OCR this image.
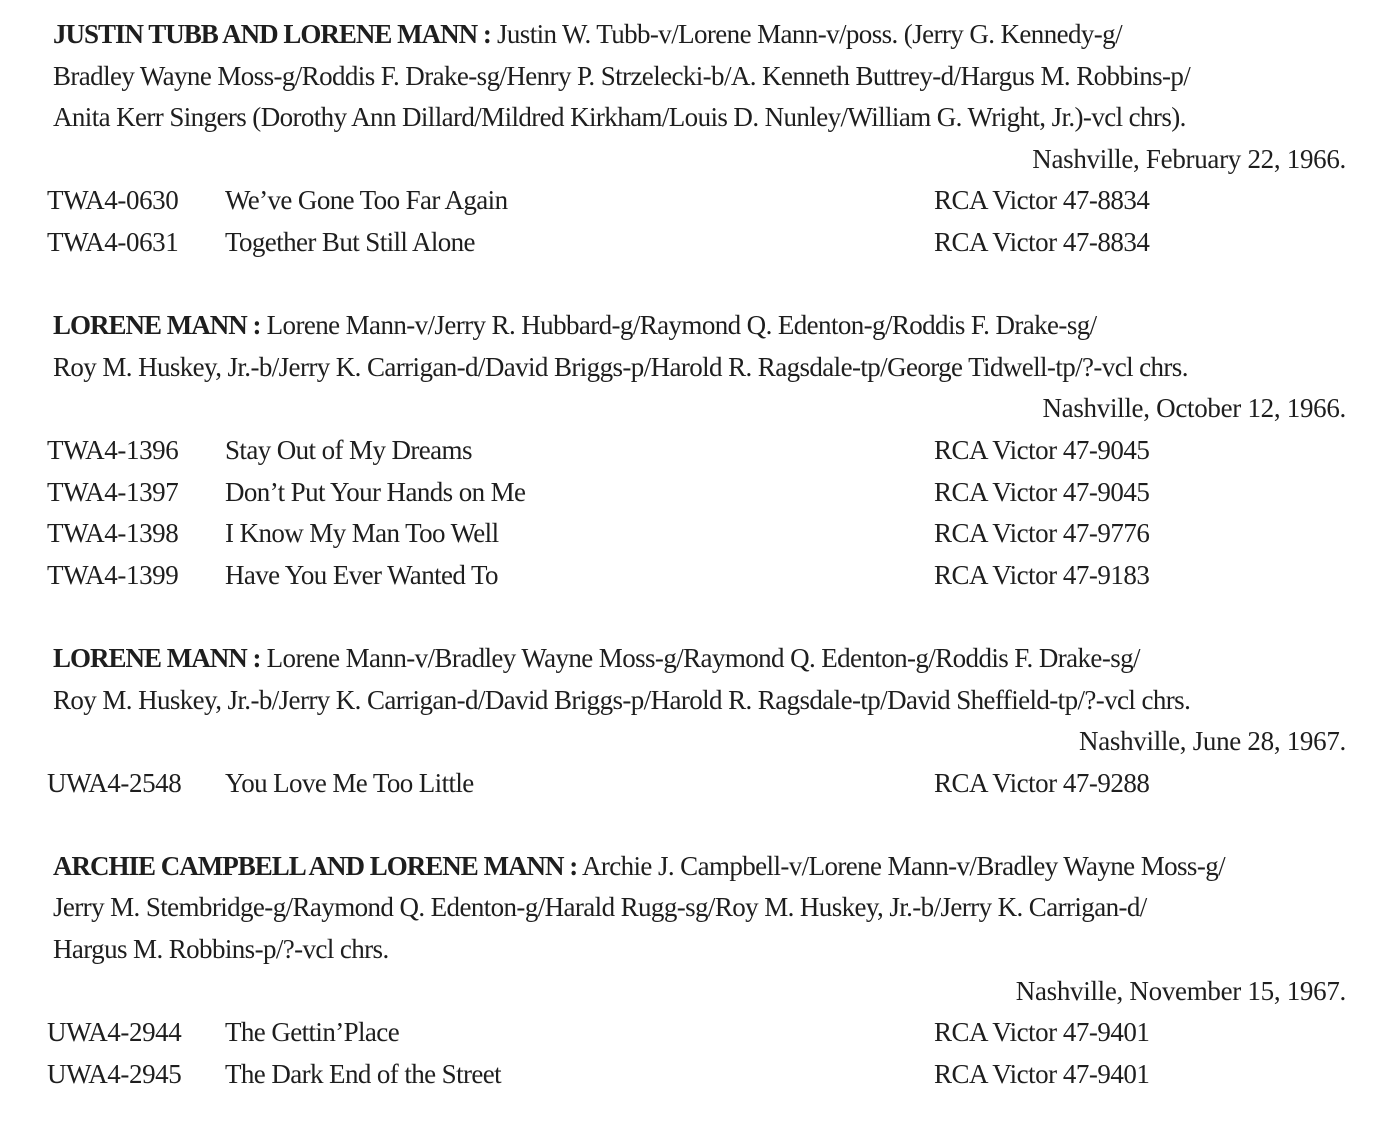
JUSTIN TUBB AND LORENE MANN : Justin W. Tubb-v/Lorene Mann-v/poss. (Jerry G. Kennedy-g/
Bradley Wayne Moss-g/Roddis F. Drake-sg/Henry P. Strzelecki-b/A. Kenneth Buttrey-d/Hargus M. Robbins-p/
Anita Kerr Singers (Dorothy Ann Dillard/Mildred Kirkham/Louis D. Nunley/William G. Wright, Jr.)-vcl chrs).
Nashville, February 22, 1966.
TWA4-0630 We’ve Gone Too Far Again	RCA Victor 47-8834
TWA4-0631 Together But Still Alone	RCA Victor 47-8834
LORENE MANN : Lorene Mann-v/Jerry R. Hubbard-g/Raymond Q. Edenton-g/Roddis F. Drake-sg/
Roy M. Huskey, Jr.-b/Jerry K. Carrigan-d/David Briggs-p/Harold R. Ragsdale-tp/George Tidwell-tp/?-vcl chrs.
Nashville, October 12, 1966.
TWA4-1396 Stay Out of My Dreams	RCA Victor 47-9045
TWA4-1397 Don’t Put Your Hands on Me	RCA Victor 47-9045
TWA4-1398 I Know My Man Too Well	RCA Victor 47-9776
TWA4-1399 Have You Ever Wanted To	RCA Victor 47-9183
LORENE MANN : Lorene Mann-v/Bradley Wayne Moss-g/Raymond Q. Edenton-g/Roddis F. Drake-sg/
Roy M. Huskey, Jr.-b/Jerry K. Carrigan-d/David Briggs-p/Harold R. Ragsdale-tp/David Sheffield-tp/?-vcl chrs.
Nashville, June 28, 1967.
UWA4-2548 You Love Me Too Little	RCA Victor 47-9288
ARCHIE CAMPBELL AND LORENE MANN : Archie J. Campbell-v/Lorene Mann-v/Bradley Wayne Moss-g/
Jerry M. Stembridge-g/Raymond Q. Edenton-g/Harald Rugg-sg/Roy M. Huskey, Jr.-b/Jerry K. Carrigan-d/
Hargus M. Robbins-p/?-vcl chrs.
Nashville, November 15, 1967.
UWA4-2944 The Gettin’Place	RCA Victor 47-9401
UWA4-2945 The Dark End of the Street	RCA Victor 47-9401
